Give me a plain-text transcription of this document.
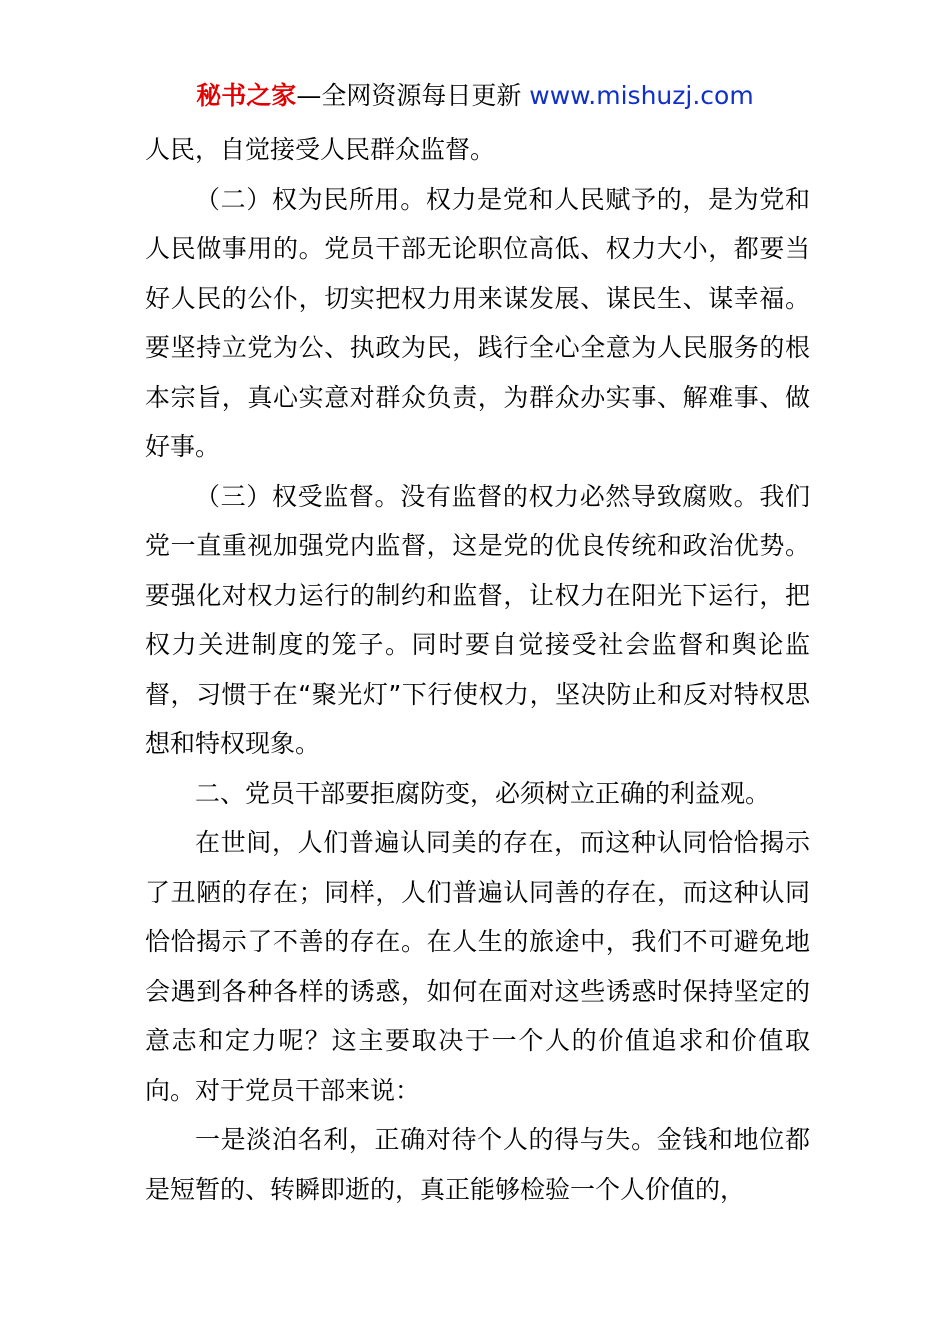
秘书之家—全网资源每日更新 www.mishuzj.com

人民，自觉接受人民群众监督。

（二）权为民所用。权力是党和人民赋予的，是为党和人民做事用的。党员干部无论职位高低、权力大小，都要当好人民的公仆，切实把权力用来谋发展、谋民生、谋幸福。要坚持立党为公、执政为民，践行全心全意为人民服务的根本宗旨，真心实意对群众负责，为群众办实事、解难事、做好事。

（三）权受监督。没有监督的权力必然导致腐败。我们党一直重视加强党内监督，这是党的优良传统和政治优势。要强化对权力运行的制约和监督，让权力在阳光下运行，把权力关进制度的笼子。同时要自觉接受社会监督和舆论监督，习惯于在“聚光灯”下行使权力，坚决防止和反对特权思想和特权现象。

二、党员干部要拒腐防变，必须树立正确的利益观。

在世间，人们普遍认同美的存在，而这种认同恰恰揭示了丑陋的存在；同样，人们普遍认同善的存在，而这种认同恰恰揭示了不善的存在。在人生的旅途中，我们不可避免地会遇到各种各样的诱惑，如何在面对这些诱惑时保持坚定的意志和定力呢？这主要取决于一个人的价值追求和价值取向。对于党员干部来说：

一是淡泊名利，正确对待个人的得与失。金钱和地位都是短暂的、转瞬即逝的，真正能够检验一个人价值的，
